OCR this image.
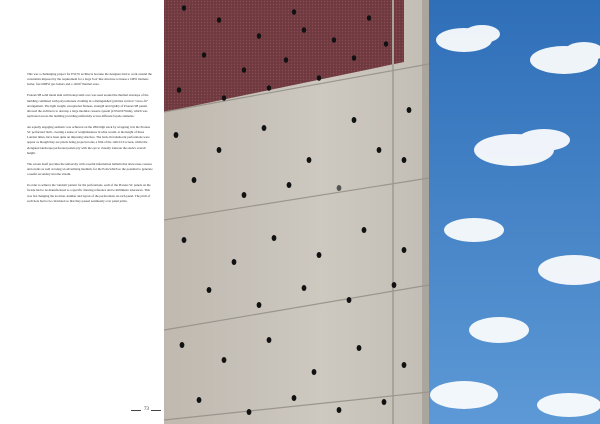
This was a challenging project for ESCW architects because the designers had to work around the constraints imposed by the requirement for a large 'box' like structure to house a 1MW biomass boiler, fast 60MW gas boilers and a 120m³ thermal store.

Proteus SB solid metal skin with honeycomb core was used around the thermal envelope of the building combined with polycarbonate cladding in a distinguished grid-like vertical "cut-to-fit" arrangement. The light weight, exceptional flatness, strength and rigidity of Proteus SB panels allowed the architects to develop a large modular cassette system (2.95x0.975mm), which was replicated across the building providing uniformity across different façade elements.

An equally engaging aesthetic was achieved on the 28m high stack by wrapping it in the Proteus SC perforated 'skin', creating a sense of weightlessness in what would, at the height of these London times, have been quite an imposing structure. The back-lit translucent perforations were appear as though they are pixels being projected onto a film of the 12m/12.9 screen, whilst the elongated landscape perforated panels ply with the eye to visually truncate the stack's overall height.

The screen itself provides the university with a useful information bulletin that showcases courses and events as well as being an advertising medium, for the Potts/which so the potential to generate a useful secondary income stream.

In order to achieve the 'random' pattern for the perforations, each of the Proteus SC panels on the facade had to be manufactured to a specific drawing reference and to millimetre tolerances. This was fed changing the location, number and layout of the perforations on each panel. The pitch of each hole had to be calculated so that they passed seamlessly over panel joints.

73
